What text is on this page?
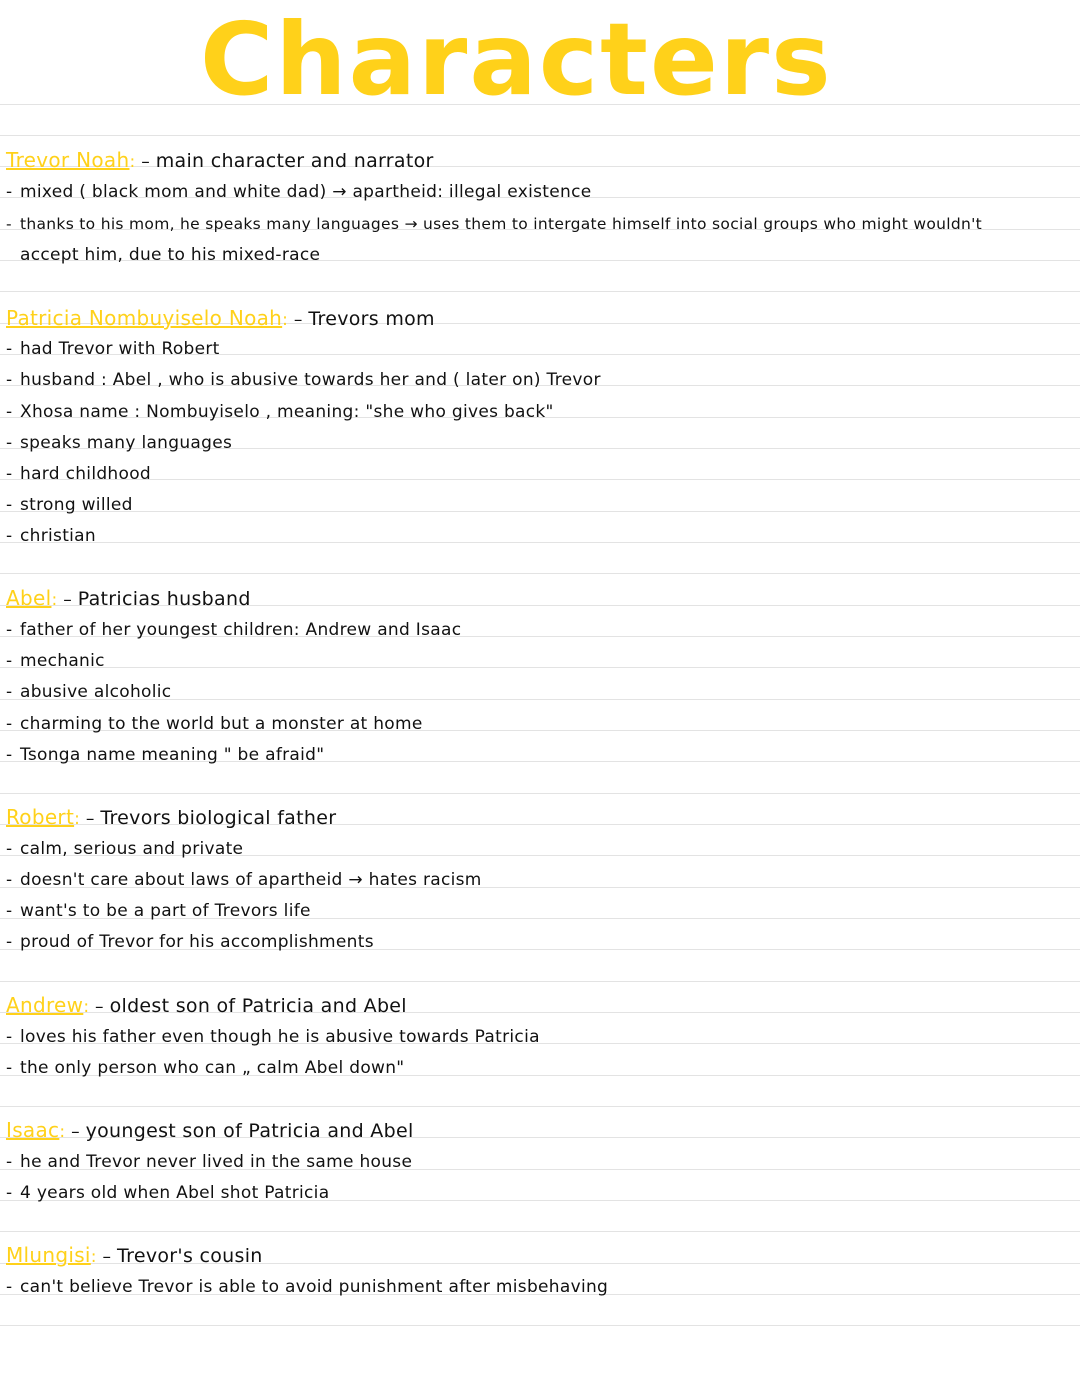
Characters
Trevor Noah: – main character and narrator
- mixed ( black mom and white dad) → apartheid: illegal existence
- thanks to his mom, he speaks many languages → uses them to intergate himself into social groups who might wouldn't
accept him, due to his mixed-race
Patricia Nombuyiselo Noah: – Trevors mom
- had Trevor with Robert
- husband : Abel , who is abusive towards her and ( later on) Trevor
- Xhosa name : Nombuyiselo , meaning: "she who gives back"
- speaks many languages
- hard childhood
- strong willed
- christian
Abel: – Patricias husband
- father of her youngest children: Andrew and Isaac
- mechanic
- abusive alcoholic
- charming to the world but a monster at home
- Tsonga name meaning " be afraid"
Robert: – Trevors biological father
- calm, serious and private
- doesn't care about laws of apartheid → hates racism
- want's to be a part of Trevors life
- proud of Trevor for his accomplishments
Andrew: – oldest son of Patricia and Abel
- loves his father even though he is abusive towards Patricia
- the only person who can „ calm Abel down"
Isaac: – youngest son of Patricia and Abel
- he and Trevor never lived in the same house
- 4 years old when Abel shot Patricia
Mlungisi: – Trevor's cousin
- can't believe Trevor is able to avoid punishment after misbehaving
